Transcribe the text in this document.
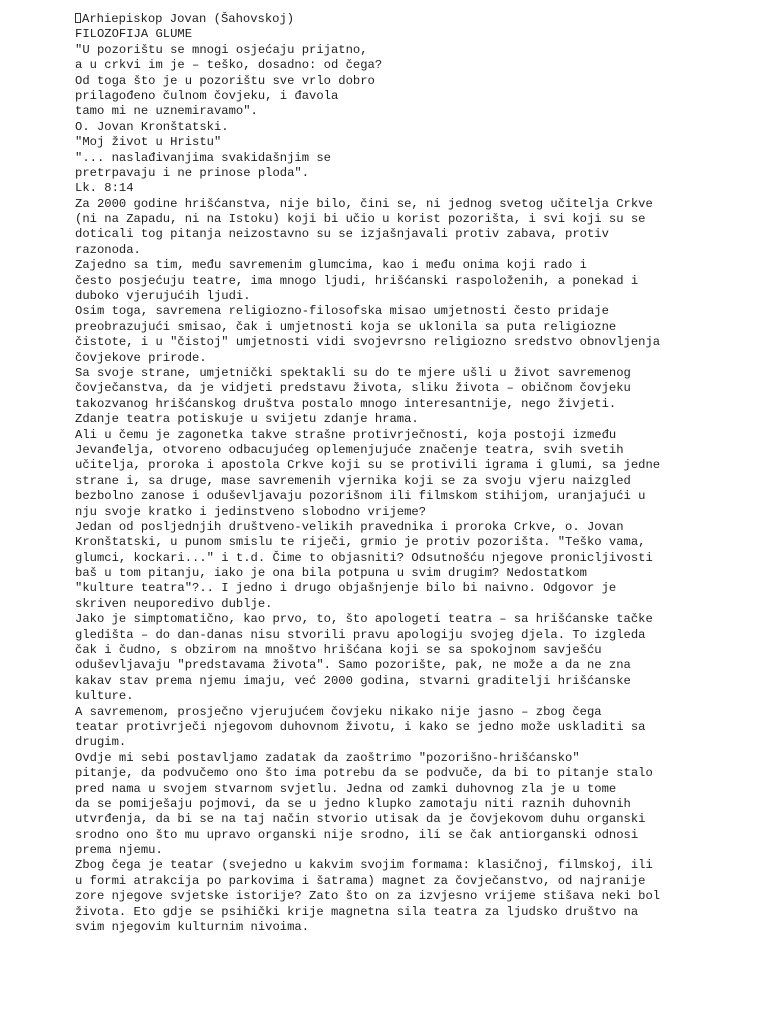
Arhiepiskop Jovan (Šahovskoj)
FILOZOFIJA GLUME
"U pozorištu se mnogi osjećaju prijatno,
a u crkvi im je – teško, dosadno: od čega?
Od toga što je u pozorištu sve vrlo dobro
prilagođeno čulnom čovjeku, i đavola
tamo mi ne uznemiravamo".
O. Jovan Kronštatski.
"Moj život u Hristu"
"... naslađivanjima svakidašnjim se
pretrpavaju i ne prinose ploda".
Lk. 8:14
Za 2000 godine hrišćanstva, nije bilo, čini se, ni jednog svetog učitelja Crkve
(ni na Zapadu, ni na Istoku) koji bi učio u korist pozorišta, i svi koji su se
doticali tog pitanja neizostavno su se izjašnjavali protiv zabava, protiv
razonoda.
Zajedno sa tim, među savremenim glumcima, kao i među onima koji rado i
često posjećuju teatre, ima mnogo ljudi, hrišćanski raspoloženih, a ponekad i
duboko vjerujućih ljudi.
Osim toga, savremena religiozno-filosofska misao umjetnosti često pridaje
preobrazujući smisao, čak i umjetnosti koja se uklonila sa puta religiozne
čistote, i u "čistoj" umjetnosti vidi svojevrsno religiozno sredstvo obnovljenja
čovjekove prirode.
Sa svoje strane, umjetnički spektakli su do te mjere ušli u život savremenog
čovječanstva, da je vidjeti predstavu života, sliku života – običnom čovjeku
takozvanog hrišćanskog društva postalo mnogo interesantnije, nego živjeti.
Zdanje teatra potiskuje u svijetu zdanje hrama.
Ali u čemu je zagonetka takve strašne protivrječnosti, koja postoji između
Jevanđelja, otvoreno odbacujućeg oplemenjujuće značenje teatra, svih svetih
učitelja, proroka i apostola Crkve koji su se protivili igrama i glumi, sa jedne
strane i, sa druge, mase savremenih vjernika koji se za svoju vjeru naizgled
bezbolno zanose i oduševljavaju pozorišnom ili filmskom stihijom, uranjajući u
nju svoje kratko i jedinstveno slobodno vrijeme?
Jedan od posljednjih društveno-velikih pravednika i proroka Crkve, o. Jovan
Kronštatski, u punom smislu te riječi, grmio je protiv pozorišta. "Teško vama,
glumci, kockari..." i t.d. Čime to objasniti? Odsutnošću njegove pronicljivosti
baš u tom pitanju, iako je ona bila potpuna u svim drugim? Nedostatkom
"kulture teatra"?.. I jedno i drugo objašnjenje bilo bi naivno. Odgovor je
skriven neuporedivo dublje.
Jako je simptomatično, kao prvo, to, što apologeti teatra – sa hrišćanske tačke
gledišta – do dan-danas nisu stvorili pravu apologiju svojeg djela. To izgleda
čak i čudno, s obzirom na mnoštvo hrišćana koji se sa spokojnom savješću
oduševljavaju "predstavama života". Samo pozorište, pak, ne može a da ne zna
kakav stav prema njemu imaju, već 2000 godina, stvarni graditelji hrišćanske
kulture.
A savremenom, prosječno vjerujućem čovjeku nikako nije jasno – zbog čega
teatar protivrječi njegovom duhovnom životu, i kako se jedno može uskladiti sa
drugim.
Ovdje mi sebi postavljamo zadatak da zaoštrimo "pozorišno-hrišćansko"
pitanje, da podvučemo ono što ima potrebu da se podvuče, da bi to pitanje stalo
pred nama u svojem stvarnom svjetlu. Jedna od zamki duhovnog zla je u tome
da se pomiješaju pojmovi, da se u jedno klupko zamotaju niti raznih duhovnih
utvrđenja, da bi se na taj način stvorio utisak da je čovjekovom duhu organski
srodno ono što mu upravo organski nije srodno, ili se čak antiorganski odnosi
prema njemu.
Zbog čega je teatar (svejedno u kakvim svojim formama: klasičnoj, filmskoj, ili
u formi atrakcija po parkovima i šatrama) magnet za čovječanstvo, od najranije
zore njegove svjetske istorije? Zato što on za izvjesno vrijeme stišava neki bol
života. Eto gdje se psihički krije magnetna sila teatra za ljudsko društvo na
svim njegovim kulturnim nivoima.
